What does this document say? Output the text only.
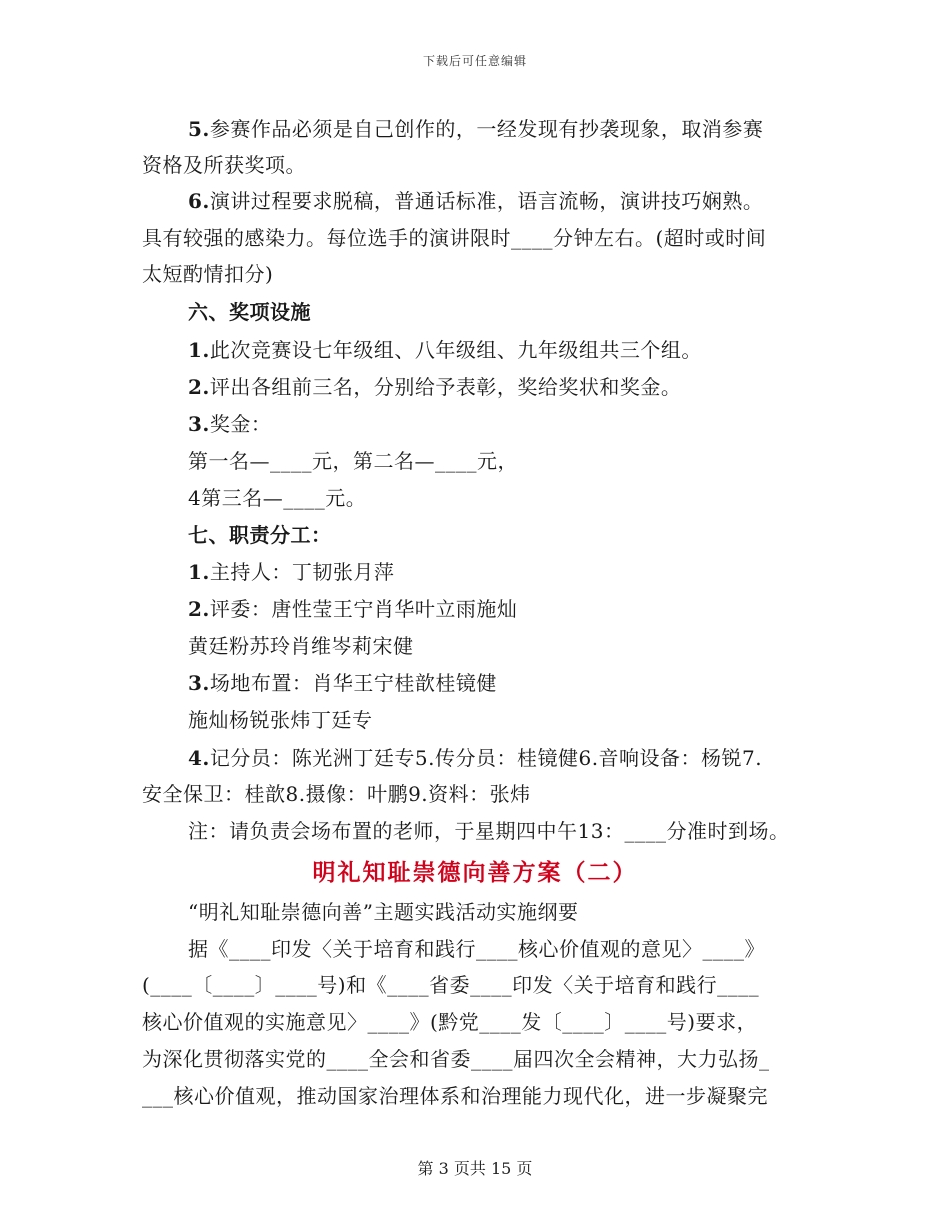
下载后可任意编辑
5.参赛作品必须是自己创作的，一经发现有抄袭现象，取消参赛
资格及所获奖项。
6.演讲过程要求脱稿，普通话标准，语言流畅，演讲技巧娴熟。
具有较强的感染力。每位选手的演讲限时____分钟左右。(超时或时间
太短酌情扣分)
六、奖项设施
1.此次竞赛设七年级组、八年级组、九年级组共三个组。
2.评出各组前三名，分别给予表彰，奖给奖状和奖金。
3.奖金：
第一名—____元，第二名—____元，
4第三名—____元。
七、职责分工：
1.主持人：丁韧张月萍
2.评委：唐性莹王宁肖华叶立雨施灿
黄廷粉苏玲肖维岑莉宋健
3.场地布置：肖华王宁桂歆桂镜健
施灿杨锐张炜丁廷专
4.记分员：陈光洲丁廷专5.传分员：桂镜健6.音响设备：杨锐7.
安全保卫：桂歆8.摄像：叶鹏9.资料：张炜
注：请负责会场布置的老师，于星期四中午13：____分准时到场。
明礼知耻崇德向善方案（二）
“明礼知耻崇德向善”主题实践活动实施纲要
据《____印发〈关于培育和践行____核心价值观的意见〉____》
(____〔____〕____号)和《____省委____印发〈关于培育和践行____
核心价值观的实施意见〉____》(黔党____发〔____〕____号)要求，
为深化贯彻落实党的____全会和省委____届四次全会精神，大力弘扬_
___核心价值观，推动国家治理体系和治理能力现代化，进一步凝聚完
第 3 页共 15 页
